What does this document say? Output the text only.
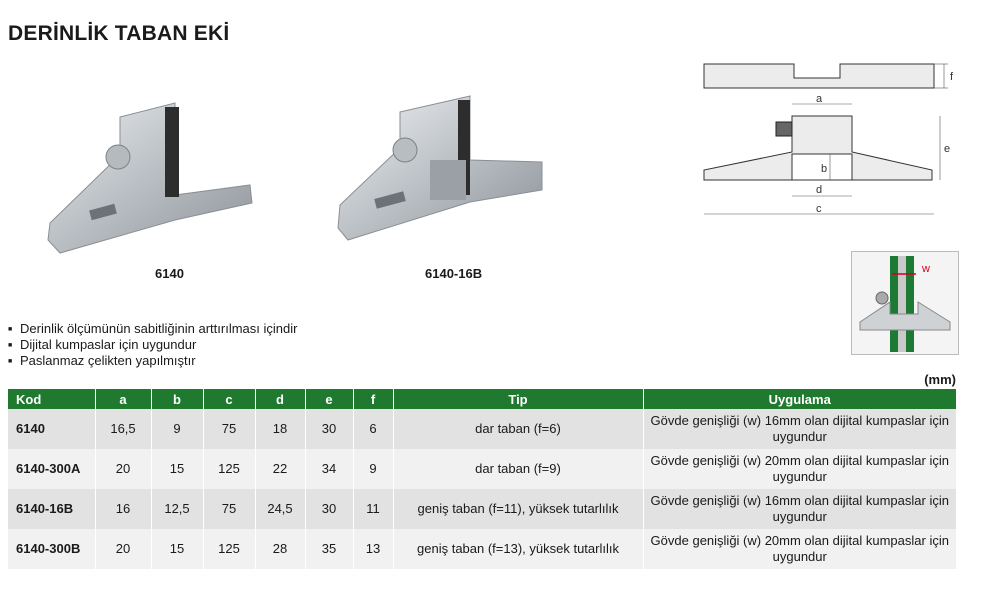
DERİNLİK TABAN EKİ
6140	6140-16B
f
a
b
d
c
e
w
■ Derinlik ölçümünün sabitliğinin arttırılması içindir
■ Dijital kumpaslar için uygundur
■ Paslanmaz çelikten yapılmıştır
(mm)
Kod	a	b	c	d	e	f	Tip	Uygulama
6140	16,5	9	75	18	30	6	dar taban (f=6)	Gövde genişliği (w) 16mm olan dijital kumpaslar için uygundur
6140-300A	20	15	125	22	34	9	dar taban (f=9)	Gövde genişliği (w) 20mm olan dijital kumpaslar için uygundur
6140-16B	16	12,5	75	24,5	30	11	geniş taban (f=11), yüksek tutarlılık	Gövde genişliği (w) 16mm olan dijital kumpaslar için uygundur
6140-300B	20	15	125	28	35	13	geniş taban (f=13), yüksek tutarlılık	Gövde genişliği (w) 20mm olan dijital kumpaslar için uygundur
